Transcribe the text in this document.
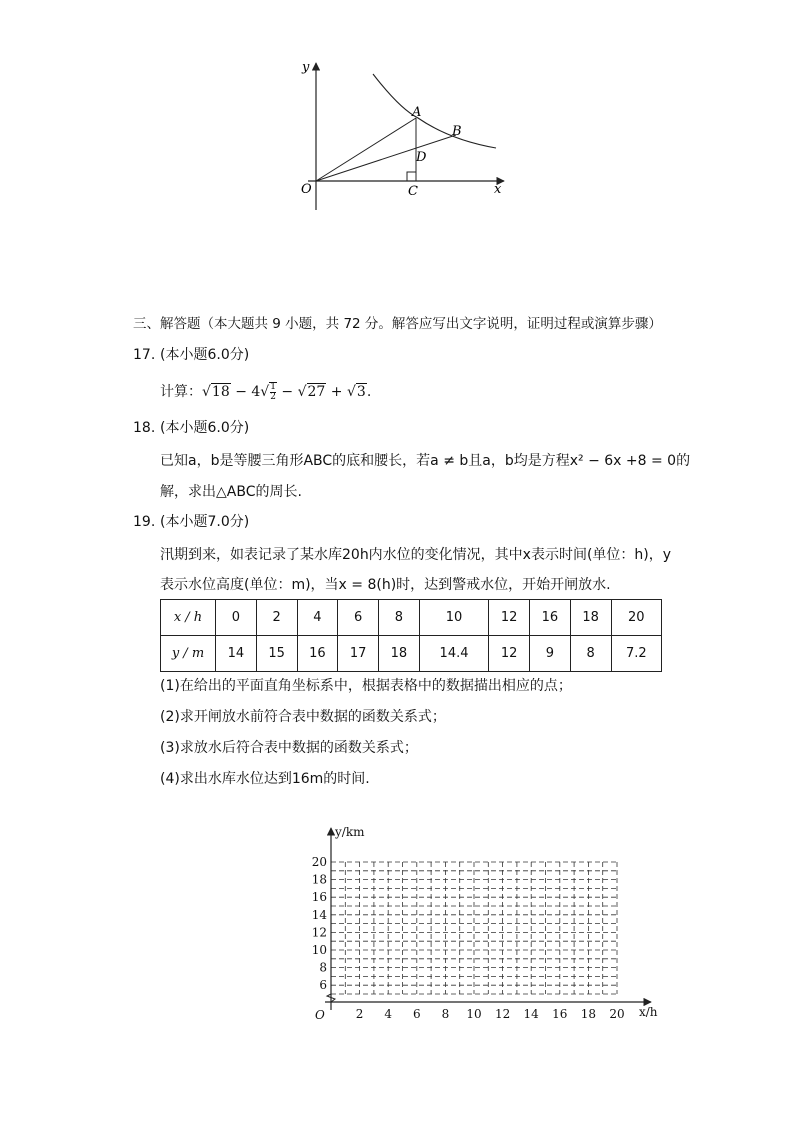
y
x
O
A
B
C
D
三、解答题（本大题共 9 小题，共 72 分。解答应写出文字说明，证明过程或演算步骤）
17. (本小题6.0分)
计算：$√18 - 4√ \frac{1}{2} - √27 + √3$.
18. (本小题6.0分)
已知a，b是等腰三角形ABC的底和腰长，若a ≠ b且a，b均是方程x² − 6x +8 = 0的
解，求出△ABC的周长.
19. (本小题7.0分)
汛期到来，如表记录了某水库20h内水位的变化情况，其中x表示时间(单位：h)，y
表示水位高度(单位：m)，当x = 8(h)时，达到警戒水位，开始开闸放水.
x / h	0	2	4	6	8	10	12	16	18	20
y / m	14	15	16	17	18	14.4	12	9	8	7.2
(1)在给出的平面直角坐标系中，根据表格中的数据描出相应的点；
(2)求开闸放水前符合表中数据的函数关系式；
(3)求放水后符合表中数据的函数关系式；
(4)求出水库水位达到16m的时间.
2 4 6 8 10 12 14 16 18 20
6
8
10
12
14
16
18
20
O	x/h
y/km
